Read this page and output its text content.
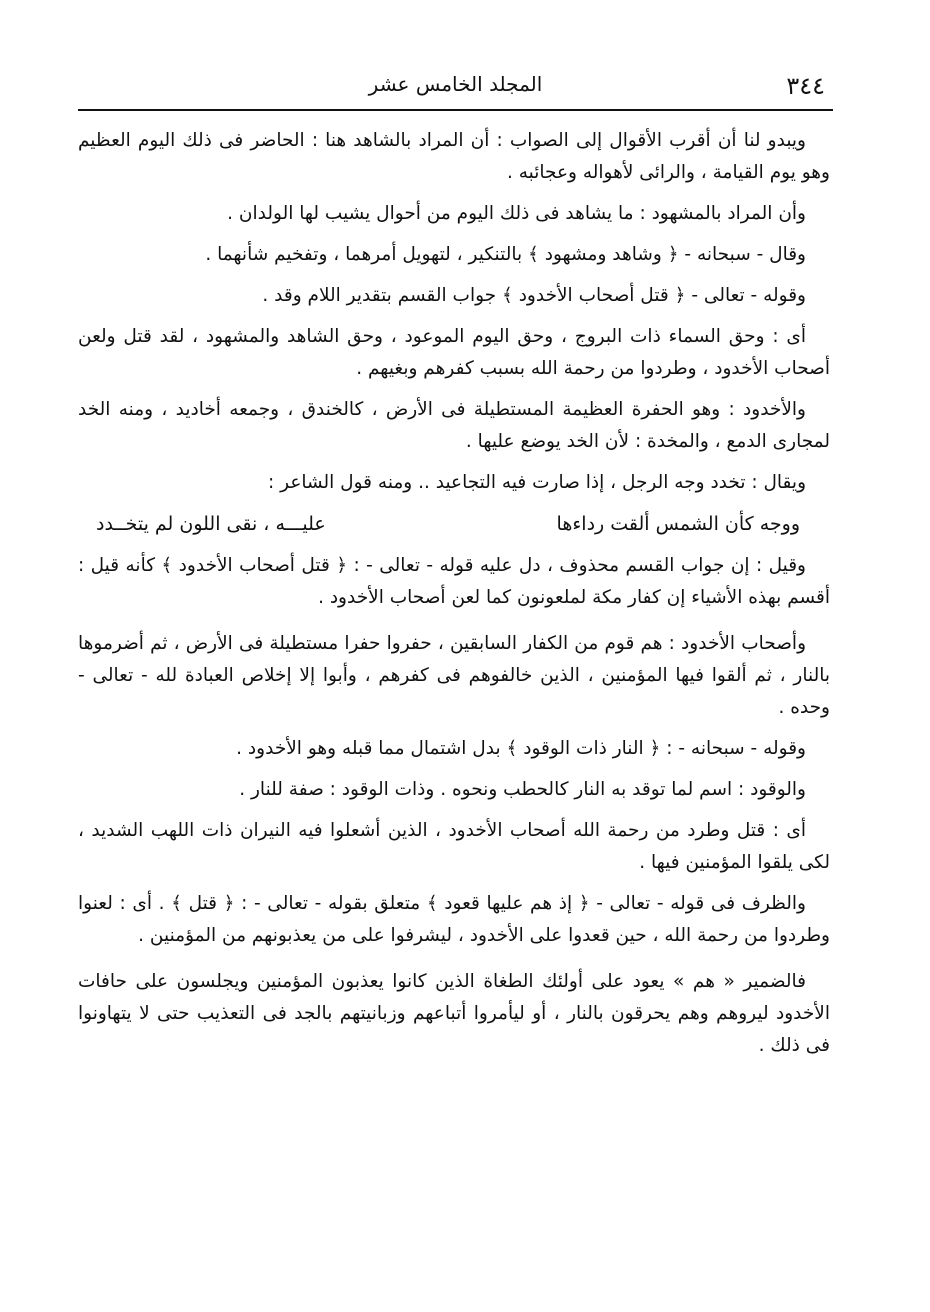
٣٤٤
المجلد الخامس عشر

ويبدو لنا أن أقرب الأقوال إلى الصواب : أن المراد بالشاهد هنا : الحاضر فى ذلك اليوم العظيم وهو يوم القيامة ، والرائى لأهواله وعجائبه .

وأن المراد بالمشهود : ما يشاهد فى ذلك اليوم من أحوال يشيب لها الولدان .

وقال - سبحانه - ﴿ وشاهد ومشهود ﴾ بالتنكير ، لتهويل أمرهما ، وتفخيم شأنهما .

وقوله - تعالى - ﴿ قتل أصحاب الأخدود ﴾ جواب القسم بتقدير اللام وقد .

أى : وحق السماء ذات البروج ، وحق اليوم الموعود ، وحق الشاهد والمشهود ، لقد قتل ولعن أصحاب الأخدود ، وطردوا من رحمة الله بسبب كفرهم وبغيهم .

والأخدود : وهو الحفرة العظيمة المستطيلة فى الأرض ، كالخندق ، وجمعه أخاديد ، ومنه الخد لمجارى الدمع ، والمخدة : لأن الخد يوضع عليها .

ويقال : تخدد وجه الرجل ، إذا صارت فيه التجاعيد .. ومنه قول الشاعر :

ووجه كأن الشمس ألقت رداءها
عليـــه ، نقى اللون لم يتخــدد

وقيل : إن جواب القسم محذوف ، دل عليه قوله - تعالى - : ﴿ قتل أصحاب الأخدود ﴾ كأنه قيل : أقسم بهذه الأشياء إن كفار مكة لملعونون كما لعن أصحاب الأخدود .

وأصحاب الأخدود : هم قوم من الكفار السابقين ، حفروا حفرا مستطيلة فى الأرض ، ثم أضرموها بالنار ، ثم ألقوا فيها المؤمنين ، الذين خالفوهم فى كفرهم ، وأبوا إلا إخلاص العبادة لله - تعالى - وحده .

وقوله - سبحانه - : ﴿ النار ذات الوقود ﴾ بدل اشتمال مما قبله وهو الأخدود .

والوقود : اسم لما توقد به النار كالحطب ونحوه . وذات الوقود : صفة للنار .

أى : قتل وطرد من رحمة الله أصحاب الأخدود ، الذين أشعلوا فيه النيران ذات اللهب الشديد ، لكى يلقوا المؤمنين فيها .

والظرف فى قوله - تعالى - ﴿ إذ هم عليها قعود ﴾ متعلق بقوله - تعالى - : ﴿ قتل ﴾ . أى : لعنوا وطردوا من رحمة الله ، حين قعدوا على الأخدود ، ليشرفوا على من يعذبونهم من المؤمنين .

فالضمير « هم » يعود على أولئك الطغاة الذين كانوا يعذبون المؤمنين ويجلسون على حافات الأخدود ليروهم وهم يحرقون بالنار ، أو ليأمروا أتباعهم وزبانيتهم بالجد فى التعذيب حتى لا يتهاونوا فى ذلك .
